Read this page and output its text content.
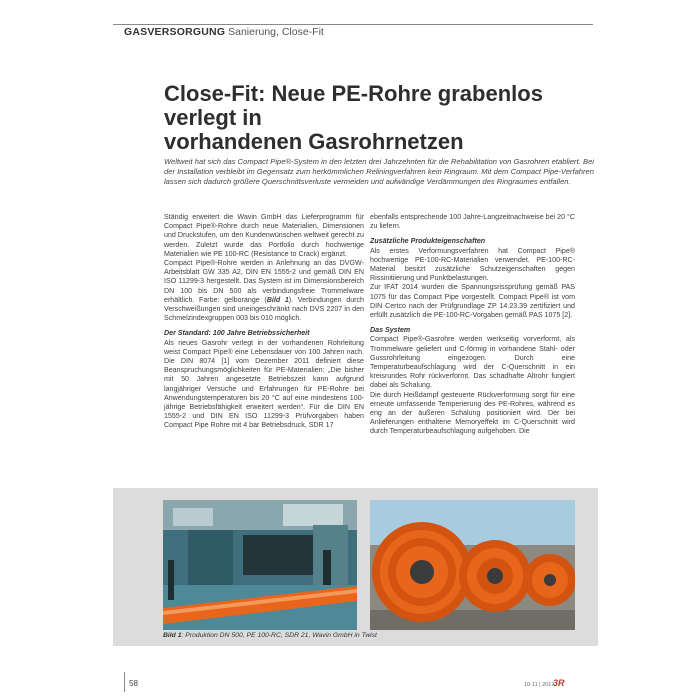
GASVERSORGUNG Sanierung, Close-Fit
Close-Fit: Neue PE-Rohre grabenlos verlegt in
vorhandenen Gasrohrnetzen

Weltweit hat sich das Compact Pipe®-System in den letzten drei Jahrzehnten für die Rehabilitation von Gasrohren etabliert. Bei der Installation verbleibt im Gegensatz zum herkömmlichen Reliningverfahren kein Ringraum. Mit dem Compact Pipe-Verfahren lassen sich dadurch größere Querschnittsverluste vermeiden und aufwändige Verdämmungen des Ringraumes entfallen.

Ständig erweitert die Wavin GmbH das Lieferprogramm für Compact Pipe®-Rohre durch neue Materialien, Dimensionen und Druckstufen, um den Kundenwünschen weltweit gerecht zu werden. Zuletzt wurde das Portfolio durch hochwertige Materialien wie PE 100-RC (Resistance to Crack) ergänzt.

Compact Pipe®-Rohre werden in Anlehnung an das DVGW-Arbeitsblatt GW 335 A2, DIN EN 1555-2 und gemäß DIN EN ISO 11299-3 hergestellt. Das System ist im Dimensionsbereich DN 100 bis DN 500 als verbindungsfreie Trommelware erhältlich. Farbe: gelborange (Bild 1). Verbindungen durch Verschweißungen sind uneingeschränkt nach DVS 2207 in den Schmelzindexgruppen 003 bis 010 möglich.

Der Standard: 100 Jahre Betriebssicherheit

Als neues Gasrohr verlegt in der vorhandenen Rohrleitung weist Compact Pipe® eine Lebensdauer von 100 Jahren nach. Die DIN 8074 [1] vom Dezember 2011 definiert diese Beanspruchungsmöglichkeiten für PE-Materialien: „Die bisher mit 50 Jahren angesetzte Betriebszeit kann aufgrund langjähriger Versuche und Erfahrungen für PE-Rohre bei Anwendungstemperaturen bis 20 °C auf eine mindestens 100-jährige Betriebsfähigkeit erweitert werden“. Für die DIN EN 1555-2 und DIN EN ISO 11299-3 Prüfvorgaben haben Compact Pipe Rohre mit 4 bar Betriebsdruck, SDR 17

ebenfalls entsprechende 100 Jahre-Langzeitnachweise bei 20 °C zu liefern.

Zusätzliche Produkteigenschaften

Als erstes Verformungsverfahren hat Compact Pipe® hochwertige PE-100-RC-Materialien verwendet. PE-100-RC-Material besitzt zusätzliche Schutzeigenschaften gegen Rissinitiierung und Punktbelastungen.

Zur IFAT 2014 wurden die Spannungsrissprüfung gemäß PAS 1075 für das Compact Pipe vorgestellt. Compact Pipe® ist vom DIN Certco nach der Prüfgrundlage ZP 14.23.39 zertifiziert und erfüllt zusätzlich die PE-100-RC-Vorgaben gemäß PAS 1075 [2].

Das System

Compact Pipe®-Gasrohre werden werkseitig vorverformt, als Trommelware geliefert und C-förmig in vorhandene Stahl- oder Gussrohrleitung eingezogen. Durch eine Temperaturbeaufschlagung wird der C-Querschnitt in ein kreisrundes Rohr rückverformt. Das schadhafte Altrohr fungiert dabei als Schalung.

Die durch Heißdampf gesteuerte Rückverformung sorgt für eine erneute umfassende Temperierung des PE-Rohres, während es eng an der äußeren Schalung positioniert wird. Der bei Anlieferungen enthaltene Memoryeffekt im C-Querschnitt wird durch Temperaturbeaufschlagung aufgehoben. Die

Bild 1: Produktion DN 500, PE 100-RC, SDR 21, Wavin GmbH in Twist
58	10-11 | 2017
3R
